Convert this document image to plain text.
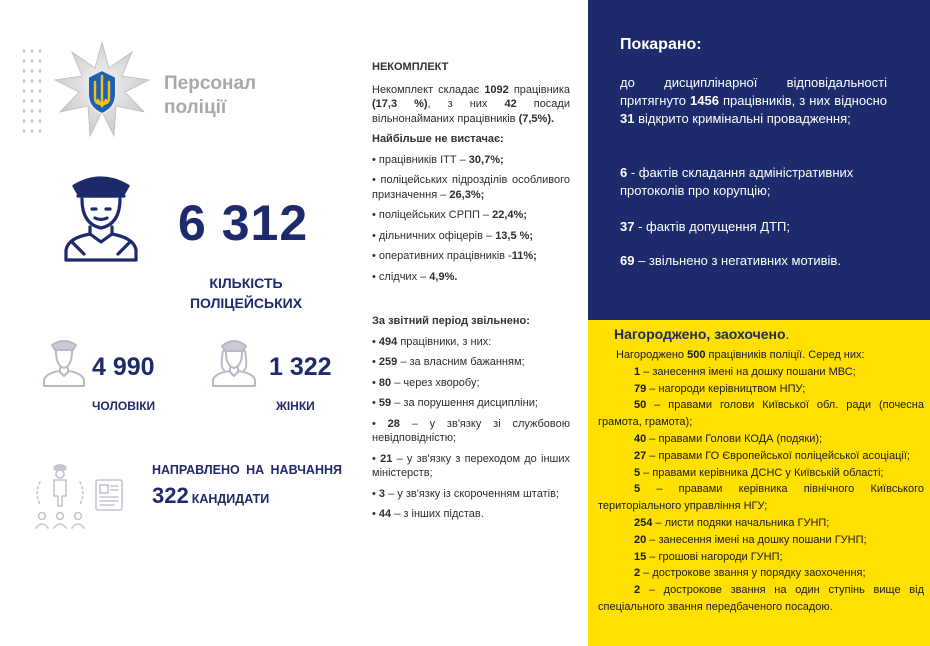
Персонал
поліції
6 312
КІЛЬКІСТЬ
ПОЛІЦЕЙСЬКИХ
4 990
ЧОЛОВІКИ
1 322
ЖІНКИ
НАПРАВЛЕНО НА НАВЧАННЯ
322 КАНДИДАТИ
НЕКОМПЛЕКТ

Некомплект складає 1092 працівника (17,3 %), з них 42 посади вільнонайманих працівників (7,5%).

Найбільше не вистачає:
• працівників ІТТ – 30,7%;
• поліцейських підрозділів особливого призначення – 26,3%;
• поліцейських СРПП – 22,4%;
• дільничних офіцерів – 13,5 %;
• оперативних працівників -11%;
• слідчих – 4,9%.
За звітний період звільнено:
• 494 працівники, з них:
• 259 – за власним бажанням;
• 80 – через хворобу;
• 59 – за порушення дисципліни;
• 28 – у зв'язку зі службовою невідповідністю;
• 21 – у зв'язку з переходом до інших міністерств;
• 3 – у зв'язку із скороченням штатів;
• 44 – з інших підстав.
Покарано:

до дисциплінарної відповідальності притягнуто 1456 працівників, з них відносно 31 відкрито кримінальні провадження;

6 - фактів складання адміністративних протоколів про корупцію;

37 - фактів допущення ДТП;

69 – звільнено з негативних мотивів.

Нагороджено, заохочено.
Нагороджено 500 працівників поліції. Серед них:
1 – занесення імені на дошку пошани МВС;
79 – нагороди керівництвом НПУ;
50 – правами голови Київської обл. ради (почесна грамота, грамота);
40 – правами Голови КОДА (подяки);
27 – правами ГО Європейської поліцейської асоціації;
5 – правами керівника ДСНС у Київській області;
5 – правами керівника північного Київського територіального управління НГУ;
254 – листи подяки начальника ГУНП;
20 – занесення імені на дошку пошани ГУНП;
15 – грошові нагороди ГУНП;
2 – дострокове звання у порядку заохочення;
2 – дострокове звання на один ступінь вище від спеціального звання передбаченого посадою.
